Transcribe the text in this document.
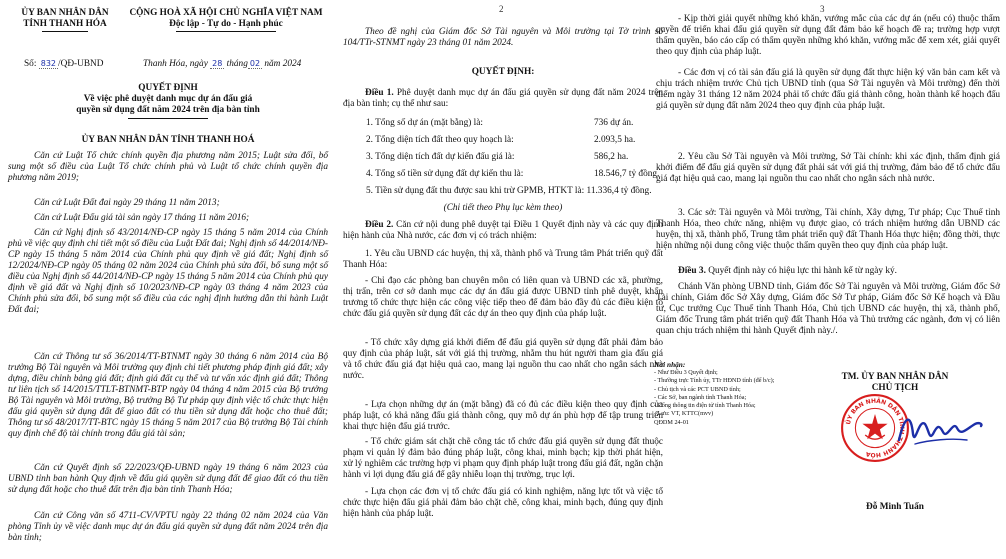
ỦY BAN NHÂN DÂN
TỈNH THANH HÓA
CỘNG HOÀ XÃ HỘI CHỦ NGHĨA VIỆT NAM
Độc lập - Tự do - Hạnh phúc
Số: 832 /QĐ-UBND	Thanh Hóa, ngày 28 tháng 02 năm 2024
QUYẾT ĐỊNH
Về việc phê duyệt danh mục dự án đấu giá
quyền sử dụng đất năm 2024 trên địa bàn tỉnh
ỦY BAN NHÂN DÂN TỈNH THANH HOÁ
Căn cứ Luật Tổ chức chính quyền địa phương năm 2015; Luật sửa đổi, bổ sung một số điều của Luật Tổ chức chính phủ và Luật tổ chức chính quyền địa phương năm 2019;
Căn cứ Luật Đất đai ngày 29 tháng 11 năm 2013;
Căn cứ Luật Đấu giá tài sản ngày 17 tháng 11 năm 2016;
Căn cứ Nghị định số 43/2014/NĐ-CP ngày 15 tháng 5 năm 2014 của Chính phủ về việc quy định chi tiết một số điều của Luật Đất đai; Nghị định số 44/2014/NĐ-CP ngày 15 tháng 5 năm 2014 của Chính phủ quy định về giá đất; Nghị định số 12/2024/NĐ-CP ngày 05 tháng 02 năm 2024 của Chính phủ sửa đổi, bổ sung một số điều của Nghị định số 44/2014/NĐ-CP ngày 15 tháng 5 năm 2014 của Chính phủ quy định về giá đất và Nghị định số 10/2023/NĐ-CP ngày 03 tháng 4 năm 2023 của Chính phủ sửa đổi, bổ sung một số điều của các nghị định hướng dẫn thi hành Luật Đất đai;
Căn cứ Thông tư số 36/2014/TT-BTNMT ngày 30 tháng 6 năm 2014 của Bộ trưởng Bộ Tài nguyên và Môi trường quy định chi tiết phương pháp định giá đất; xây dựng, điều chỉnh bảng giá đất; định giá đất cụ thể và tư vấn xác định giá đất; Thông tư liên tịch số 14/2015/TTLT-BTNMT-BTP ngày 04 tháng 4 năm 2015 của Bộ trưởng Bộ Tài nguyên và Môi trường, Bộ trưởng Bộ Tư pháp quy định việc tổ chức thực hiện đấu giá quyền sử dụng đất để giao đất có thu tiền sử dụng đất hoặc cho thuê đất; Thông tư số 48/2017/TT-BTC ngày 15 tháng 5 năm 2017 của Bộ trưởng Bộ Tài chính quy định chế độ tài chính trong đấu giá tài sản;
Căn cứ Quyết định số 22/2023/QĐ-UBND ngày 19 tháng 6 năm 2023 của UBND tỉnh ban hành Quy định về đấu giá quyền sử dụng đất để giao đất có thu tiền sử dụng đất hoặc cho thuê đất trên địa bàn tỉnh Thanh Hóa;
Căn cứ Công văn số 4711-CV/VPTU ngày 22 tháng 02 năm 2024 của Văn phòng Tỉnh ủy về việc danh mục dự án đấu giá quyền sử dụng đất năm 2024 trên địa bàn tỉnh;
2
Theo đề nghị của Giám đốc Sở Tài nguyên và Môi trường tại Tờ trình số 104/TTr-STNMT ngày 23 tháng 01 năm 2024.
QUYẾT ĐỊNH:
Điều 1. Phê duyệt danh mục dự án đấu giá quyền sử dụng đất năm 2024 trên địa bàn tỉnh; cụ thể như sau:
1. Tổng số dự án (mặt bằng) là:	736 dự án.
2. Tổng diện tích đất theo quy hoạch là:	2.093,5 ha.
3. Tổng diện tích đất dự kiến đấu giá là:	586,2 ha.
4. Tổng số tiền sử dụng đất dự kiến thu là:	18.546,7 tỷ đồng.
5. Tiền sử dụng đất thu được sau khi trừ GPMB, HTKT là: 11.336,4 tỷ đồng.
(Chi tiết theo Phụ lục kèm theo)
Điều 2. Căn cứ nội dung phê duyệt tại Điều 1 Quyết định này và các quy định hiện hành của Nhà nước, các đơn vị có trách nhiệm:
1. Yêu cầu UBND các huyện, thị xã, thành phố và Trung tâm Phát triển quỹ đất Thanh Hóa:
- Chỉ đạo các phòng ban chuyên môn có liên quan và UBND các xã, phường, thị trấn, trên cơ sở danh mục các dự án đấu giá được UBND tỉnh phê duyệt, khẩn trương tổ chức thực hiện các công việc tiếp theo để đảm bảo đầy đủ các điều kiện tổ chức đấu giá quyền sử dụng đất các dự án theo quy định của pháp luật.
- Tổ chức xây dựng giá khởi điểm để đấu giá quyền sử dụng đất phải đảm bảo quy định của pháp luật, sát với giá thị trường, nhằm thu hút người tham gia đấu giá và tổ chức đấu giá đạt hiệu quả cao, mang lại nguồn thu cao nhất cho ngân sách nhà nước.
- Lựa chọn những dự án (mặt bằng) đã có đủ các điều kiện theo quy định của pháp luật, có khả năng đấu giá thành công, quy mô dự án phù hợp để tập trung triển khai thực hiện đấu giá trước.
- Tổ chức giám sát chặt chẽ công tác tổ chức đấu giá quyền sử dụng đất thuộc phạm vi quản lý đảm bảo đúng pháp luật, công khai, minh bạch; kịp thời phát hiện, xử lý nghiêm các trường hợp vi phạm quy định pháp luật trong đấu giá đất, ngăn chặn hành vi lợi dụng đấu giá để gây nhiễu loạn thị trường, trục lợi.
- Lựa chọn các đơn vị tổ chức đấu giá có kinh nghiệm, năng lực tốt và việc tổ chức thực hiện đấu giá phải đảm bảo chặt chẽ, công khai, minh bạch, đúng quy định hiện hành của pháp luật.
3
- Kịp thời giải quyết những khó khăn, vướng mắc của các dự án (nếu có) thuộc thẩm quyền để triển khai đấu giá quyền sử dụng đất đảm bảo kế hoạch đề ra; trường hợp vượt thẩm quyền, báo cáo cấp có thẩm quyền những khó khăn, vướng mắc để xem xét, giải quyết theo quy định của pháp luật.
- Các đơn vị có tài sản đấu giá là quyền sử dụng đất thực hiện ký văn bản cam kết và chịu trách nhiệm trước Chủ tịch UBND tỉnh (qua Sở Tài nguyên và Môi trường) đến thời điểm ngày 31 tháng 12 năm 2024 phải tổ chức đấu giá thành công, hoàn thành kế hoạch đấu giá quyền sử dụng đất năm 2024 theo quy định của pháp luật.
2. Yêu cầu Sở Tài nguyên và Môi trường, Sở Tài chính: khi xác định, thẩm định giá khởi điểm để đấu giá quyền sử dụng đất phải sát với giá thị trường, đảm bảo để tổ chức đấu giá đạt hiệu quả cao, mang lại nguồn thu cao nhất cho ngân sách nhà nước.
3. Các sở: Tài nguyên và Môi trường, Tài chính, Xây dựng, Tư pháp; Cục Thuế tỉnh Thanh Hóa, theo chức năng, nhiệm vụ được giao, có trách nhiệm hướng dẫn UBND các huyện, thị xã, thành phố, Trung tâm phát triển quỹ đất Thanh Hóa thực hiện; đồng thời, thực hiện những nội dung công việc thuộc thẩm quyền theo quy định của pháp luật.
Điều 3. Quyết định này có hiệu lực thi hành kể từ ngày ký.
Chánh Văn phòng UBND tỉnh, Giám đốc Sở Tài nguyên và Môi trường, Giám đốc Sở Tài chính, Giám đốc Sở Xây dựng, Giám đốc Sở Tư pháp, Giám đốc Sở Kế hoạch và Đầu tư, Cục trưởng Cục Thuế tỉnh Thanh Hóa, Chủ tịch UBND các huyện, thị xã, thành phố, Giám đốc Trung tâm phát triển quỹ đất Thanh Hóa và Thủ trưởng các ngành, đơn vị có liên quan chịu trách nhiệm thi hành Quyết định này./.
Nơi nhận:
- Như Điều 3 Quyết định;
- Thường trực Tỉnh ủy, TTr HĐND tỉnh (để b/c);
- Chủ tịch và các PCT UBND tỉnh;
- Các Sở, ban ngành tỉnh Thanh Hóa;
- Cổng thông tin điện tử tỉnh Thanh Hóa;
- Lưu: VT, KTTC(mvv)
QĐDM 24-01
TM. ỦY BAN NHÂN DÂN
CHỦ TỊCH
Đỗ Minh Tuấn
ỦY BAN NHÂN DÂN TỈNH THANH HÓA
